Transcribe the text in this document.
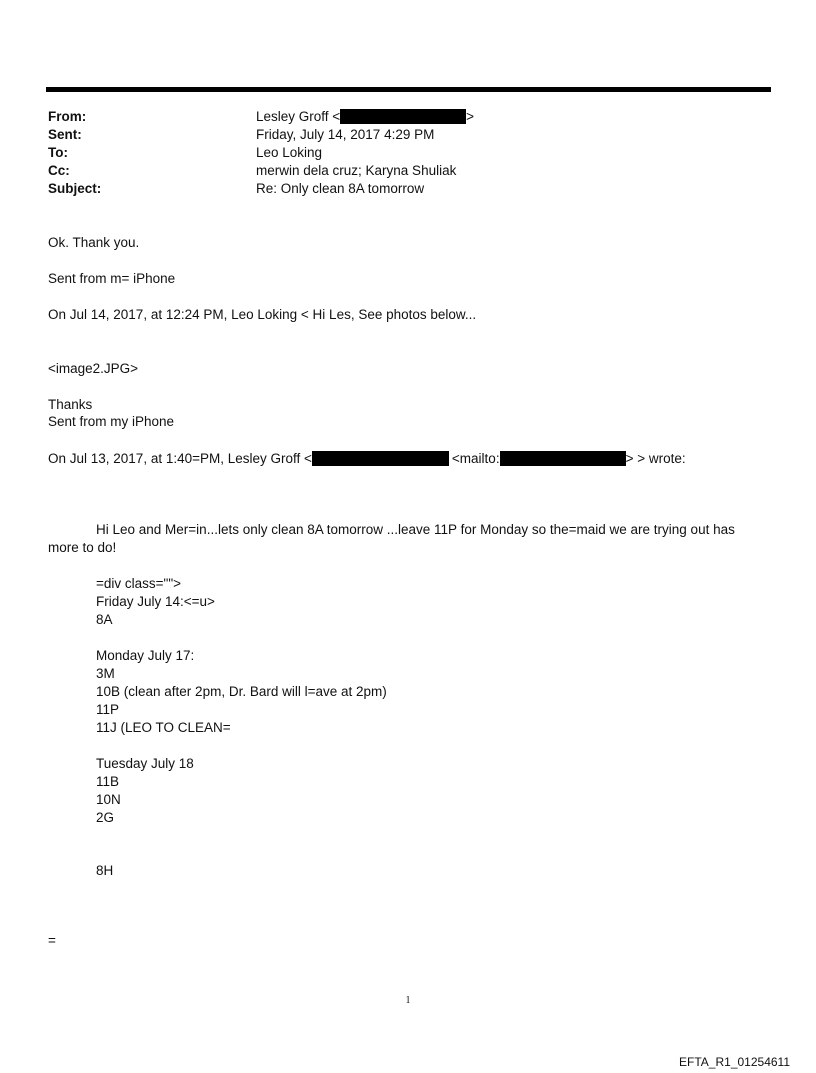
From:	Lesley Groff <	>
Sent:	Friday, July 14, 2017 4:29 PM
To:	Leo Loking
Cc:	merwin dela cruz; Karyna Shuliak
Subject:	Re: Only clean 8A tomorrow
Ok. Thank you.
Sent from m= iPhone
On Jul 14, 2017, at 12:24 PM, Leo Loking < Hi Les, See photos below...
<image2.JPG>
Thanks
Sent from my iPhone
On Jul 13, 2017, at 1:40=PM, Lesley Groff <	<mailto:	> > wrote:
Hi Leo and Mer=in...lets only clean 8A tomorrow ...leave 11P for Monday so the=maid we are trying out has more to do!
=div class="">
Friday July 14:<=u>
8A
Monday July 17:
3M
10B (clean after 2pm, Dr. Bard will l=ave at 2pm)
11P
11J (LEO TO CLEAN=
Tuesday July 18
11B
10N
2G
8H
=
1
EFTA_R1_01254611
